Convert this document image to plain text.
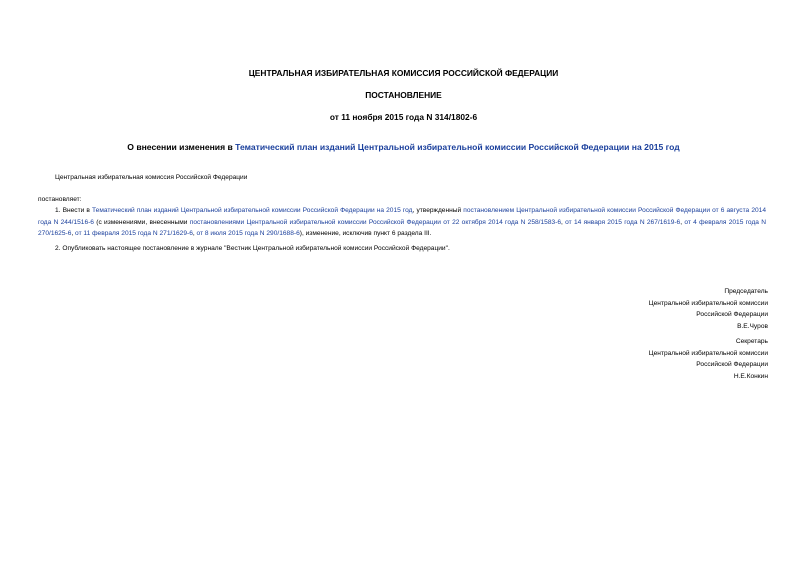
ЦЕНТРАЛЬНАЯ ИЗБИРАТЕЛЬНАЯ КОМИССИЯ РОССИЙСКОЙ ФЕДЕРАЦИИ
ПОСТАНОВЛЕНИЕ
от 11 ноября 2015 года N 314/1802-6
О внесении изменения в Тематический план изданий Центральной избирательной комиссии Российской Федерации на 2015 год
Центральная избирательная комиссия Российской Федерации
постановляет:
1. Внести в Тематический план изданий Центральной избирательной комиссии Российской Федерации на 2015 год, утвержденный постановлением Центральной избирательной комиссии Российской Федерации от 6 августа 2014 года N 244/1516-6 (с изменениями, внесенными постановлениями Центральной избирательной комиссии Российской Федерации от 22 октября 2014 года N 258/1583-6, от 14 января 2015 года N 267/1619-6, от 4 февраля 2015 года N 270/1625-6, от 11 февраля 2015 года N 271/1629-6, от 8 июля 2015 года N 290/1688-6), изменение, исключив пункт 6 раздела III.
2. Опубликовать настоящее постановление в журнале "Вестник Центральной избирательной комиссии Российской Федерации".
Председатель
Центральной избирательной комиссии
Российской Федерации
В.Е.Чуров
Секретарь
Центральной избирательной комиссии
Российской Федерации
Н.Е.Конкин
